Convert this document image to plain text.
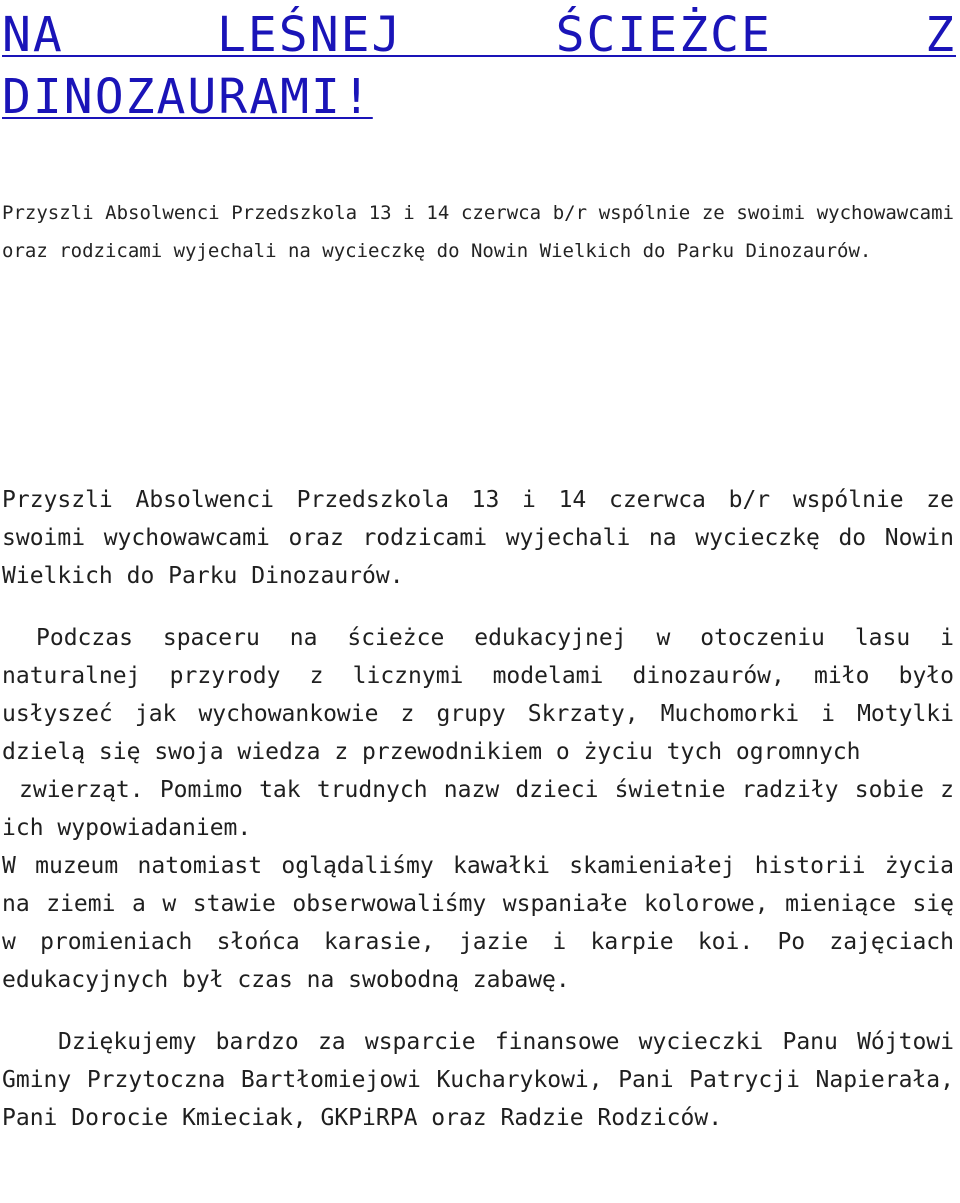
NA LEŚNEJ ŚCIEŻCE Z DINOZAURAMI!

Przyszli Absolwenci Przedszkola 13 i 14 czerwca b/r wspólnie ze swoimi wychowawcami oraz rodzicami wyjechali na wycieczkę do Nowin Wielkich do Parku Dinozaurów.

Przyszli Absolwenci Przedszkola 13 i 14 czerwca b/r wspólnie ze swoimi wychowawcami oraz rodzicami wyjechali na wycieczkę do Nowin Wielkich do Parku Dinozaurów.

Podczas spaceru na ścieżce edukacyjnej w otoczeniu lasu i naturalnej przyrody z licznymi modelami dinozaurów, miło było usłyszeć jak wychowankowie z grupy Skrzaty, Muchomorki i Motylki dzielą się swoja wiedza z przewodnikiem o życiu tych ogromnych

zwierząt. Pomimo tak trudnych nazw dzieci świetnie radziły sobie z ich wypowiadaniem.

W muzeum natomiast oglądaliśmy kawałki skamieniałej historii życia na ziemi a w stawie obserwowaliśmy wspaniałe kolorowe, mieniące się w promieniach słońca karasie, jazie i karpie koi. Po zajęciach edukacyjnych był czas na swobodną zabawę.

Dziękujemy bardzo za wsparcie finansowe wycieczki Panu Wójtowi Gminy Przytoczna Bartłomiejowi Kucharykowi, Pani Patrycji Napierała, Pani Dorocie Kmieciak, GKPiRPA oraz Radzie Rodziców.
